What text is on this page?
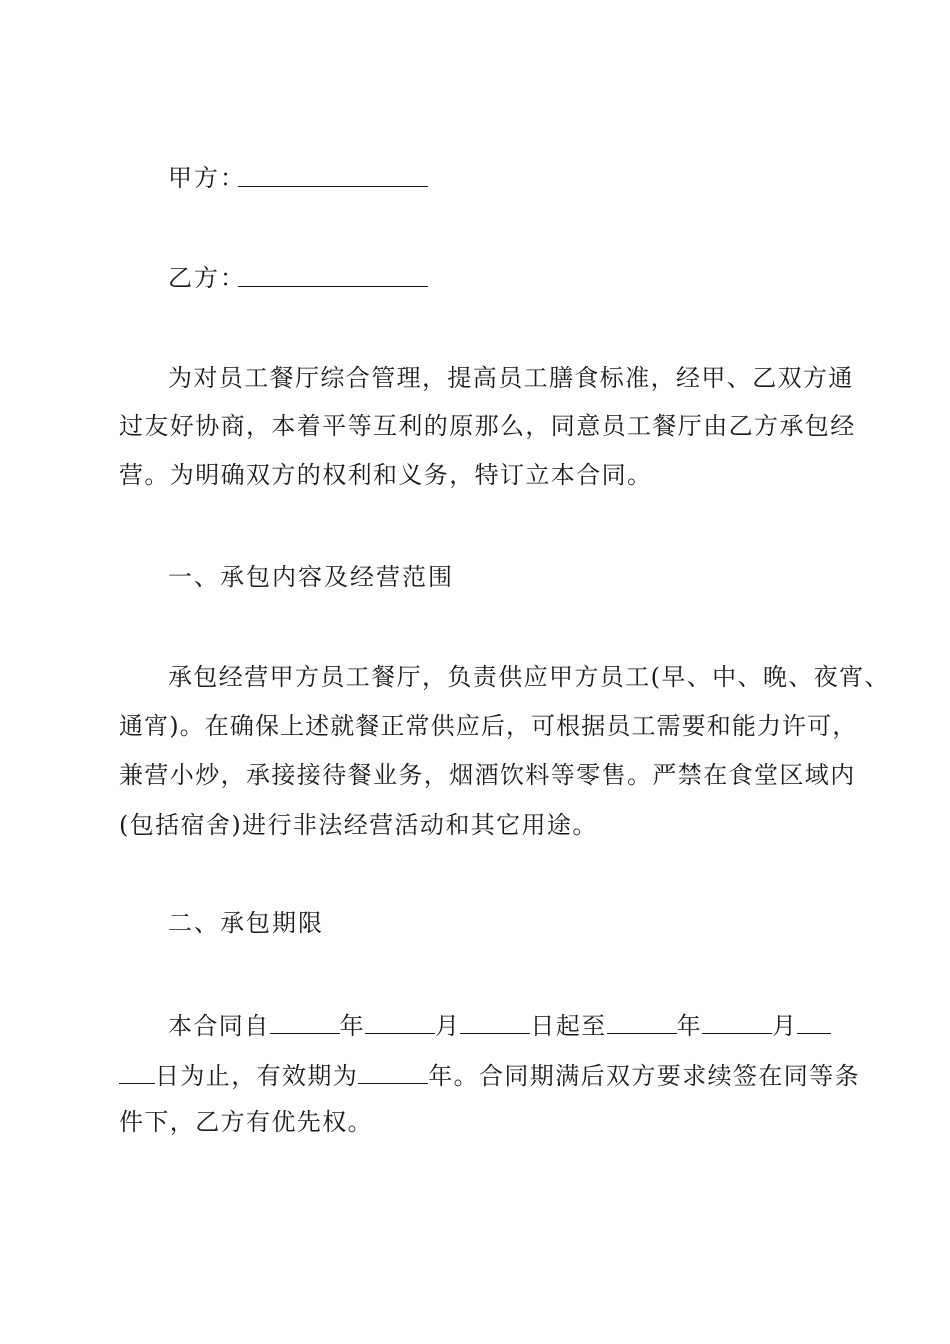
甲方：
乙方：
为对员工餐厅综合管理，提高员工膳食标准，经甲、乙双方通
过友好协商，本着平等互利的原那么，同意员工餐厅由乙方承包经
营。为明确双方的权利和义务，特订立本合同。
一、承包内容及经营范围
承包经营甲方员工餐厅，负责供应甲方员工(早、中、晚、夜宵、
通宵)。在确保上述就餐正常供应后，可根据员工需要和能力许可，
兼营小炒，承接接待餐业务，烟酒饮料等零售。严禁在食堂区域内
(包括宿舍)进行非法经营活动和其它用途。
二、承包期限
本合同自	年	月	日起至	年	月
日为止，有效期为	年。合同期满后双方要求续签在同等条
件下，乙方有优先权。
